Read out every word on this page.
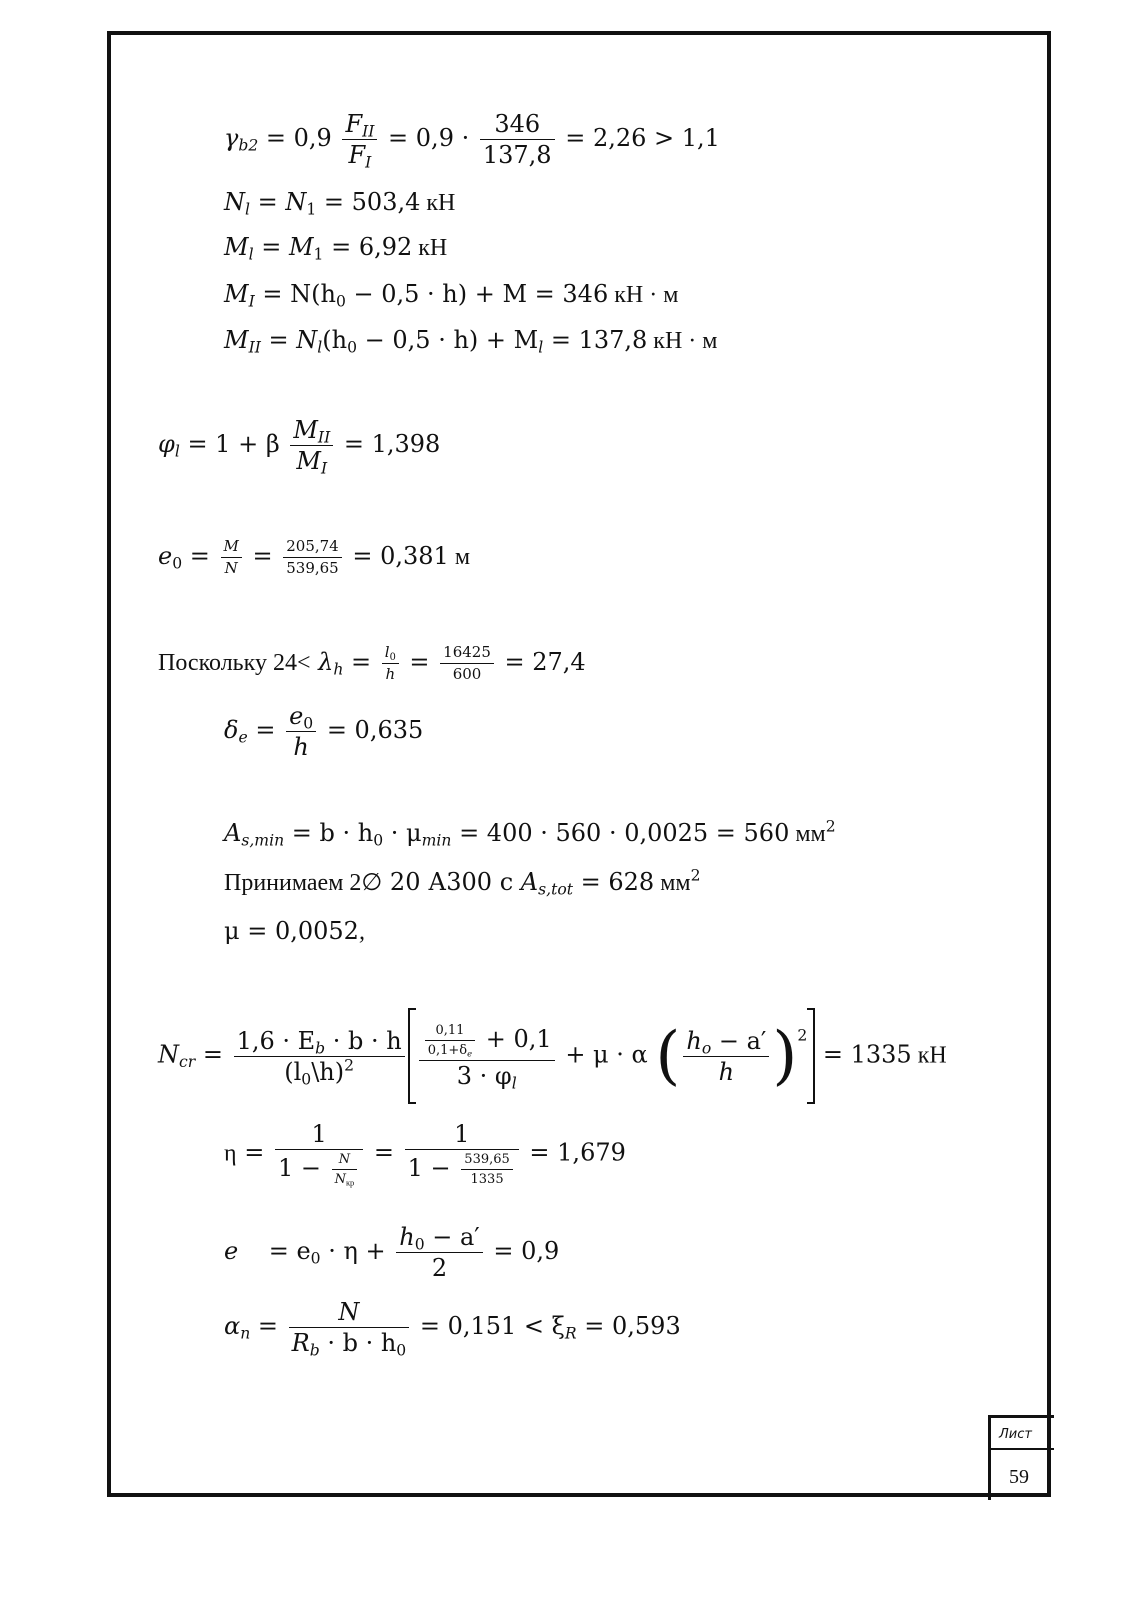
Лист
59
$\gamma_{b2} = 0,9 \frac{F_{II}}{F_I} = 0,9 \cdot \frac{346}{137,8} = 2,26 > 1,1$
$N_l = N_1 = 503,4$ кН
$M_l = M_1 = 6,92$ кН
$M_I = N(h_0 - 0,5 \cdot h) + M = 346$ кН · м
$M_{II} = N_l(h_0 - 0,5 \cdot h) + M_l = 137,8$ кН · м
$\varphi_l = 1 + \beta \frac{M_{II}}{M_I} = 1,398$
$e_0 = \frac{M}{N} = \frac{205,74}{539,65} = 0,381$ м
Поскольку $24< \lambda_h = \frac{l_0}{h} = \frac{16425}{600} = 27,4$
$\delta_e = \frac{e_0}{h} = 0,635$
$A_{s,min} = b \cdot h_0 \cdot \mu_{min} = 400 \cdot 560 \cdot 0,0025 = 560$ $мм^2$
Принимаем 2∅ 20 А300 с $A_{s,tot} = 628$ $мм^2$
μ = 0,0052,
$N_{cr} = \frac{1,6 \cdot E_b \cdot b \cdot h}{(l_0\backslash h)^2} \frac{\frac{0,11}{0,1+\delta_e} + 0,1}{3 \cdot \varphi_l} + \mu \cdot \alpha$ ( $\frac{h_o - a'}{h} )^2 = 1335$ кН
$\eta = \frac{1}{1 - \frac{N}{N_{кр}}} = \frac{1}{1 - \frac{539,65}{1335}} = 1,679$
e    = $e_0 \cdot \eta + \frac{h_0 - a'}{2} = 0,9$
$\alpha_n = \frac{N}{R_b \cdot b \cdot h_0} = 0,151 < \xi_R = 0,593$
